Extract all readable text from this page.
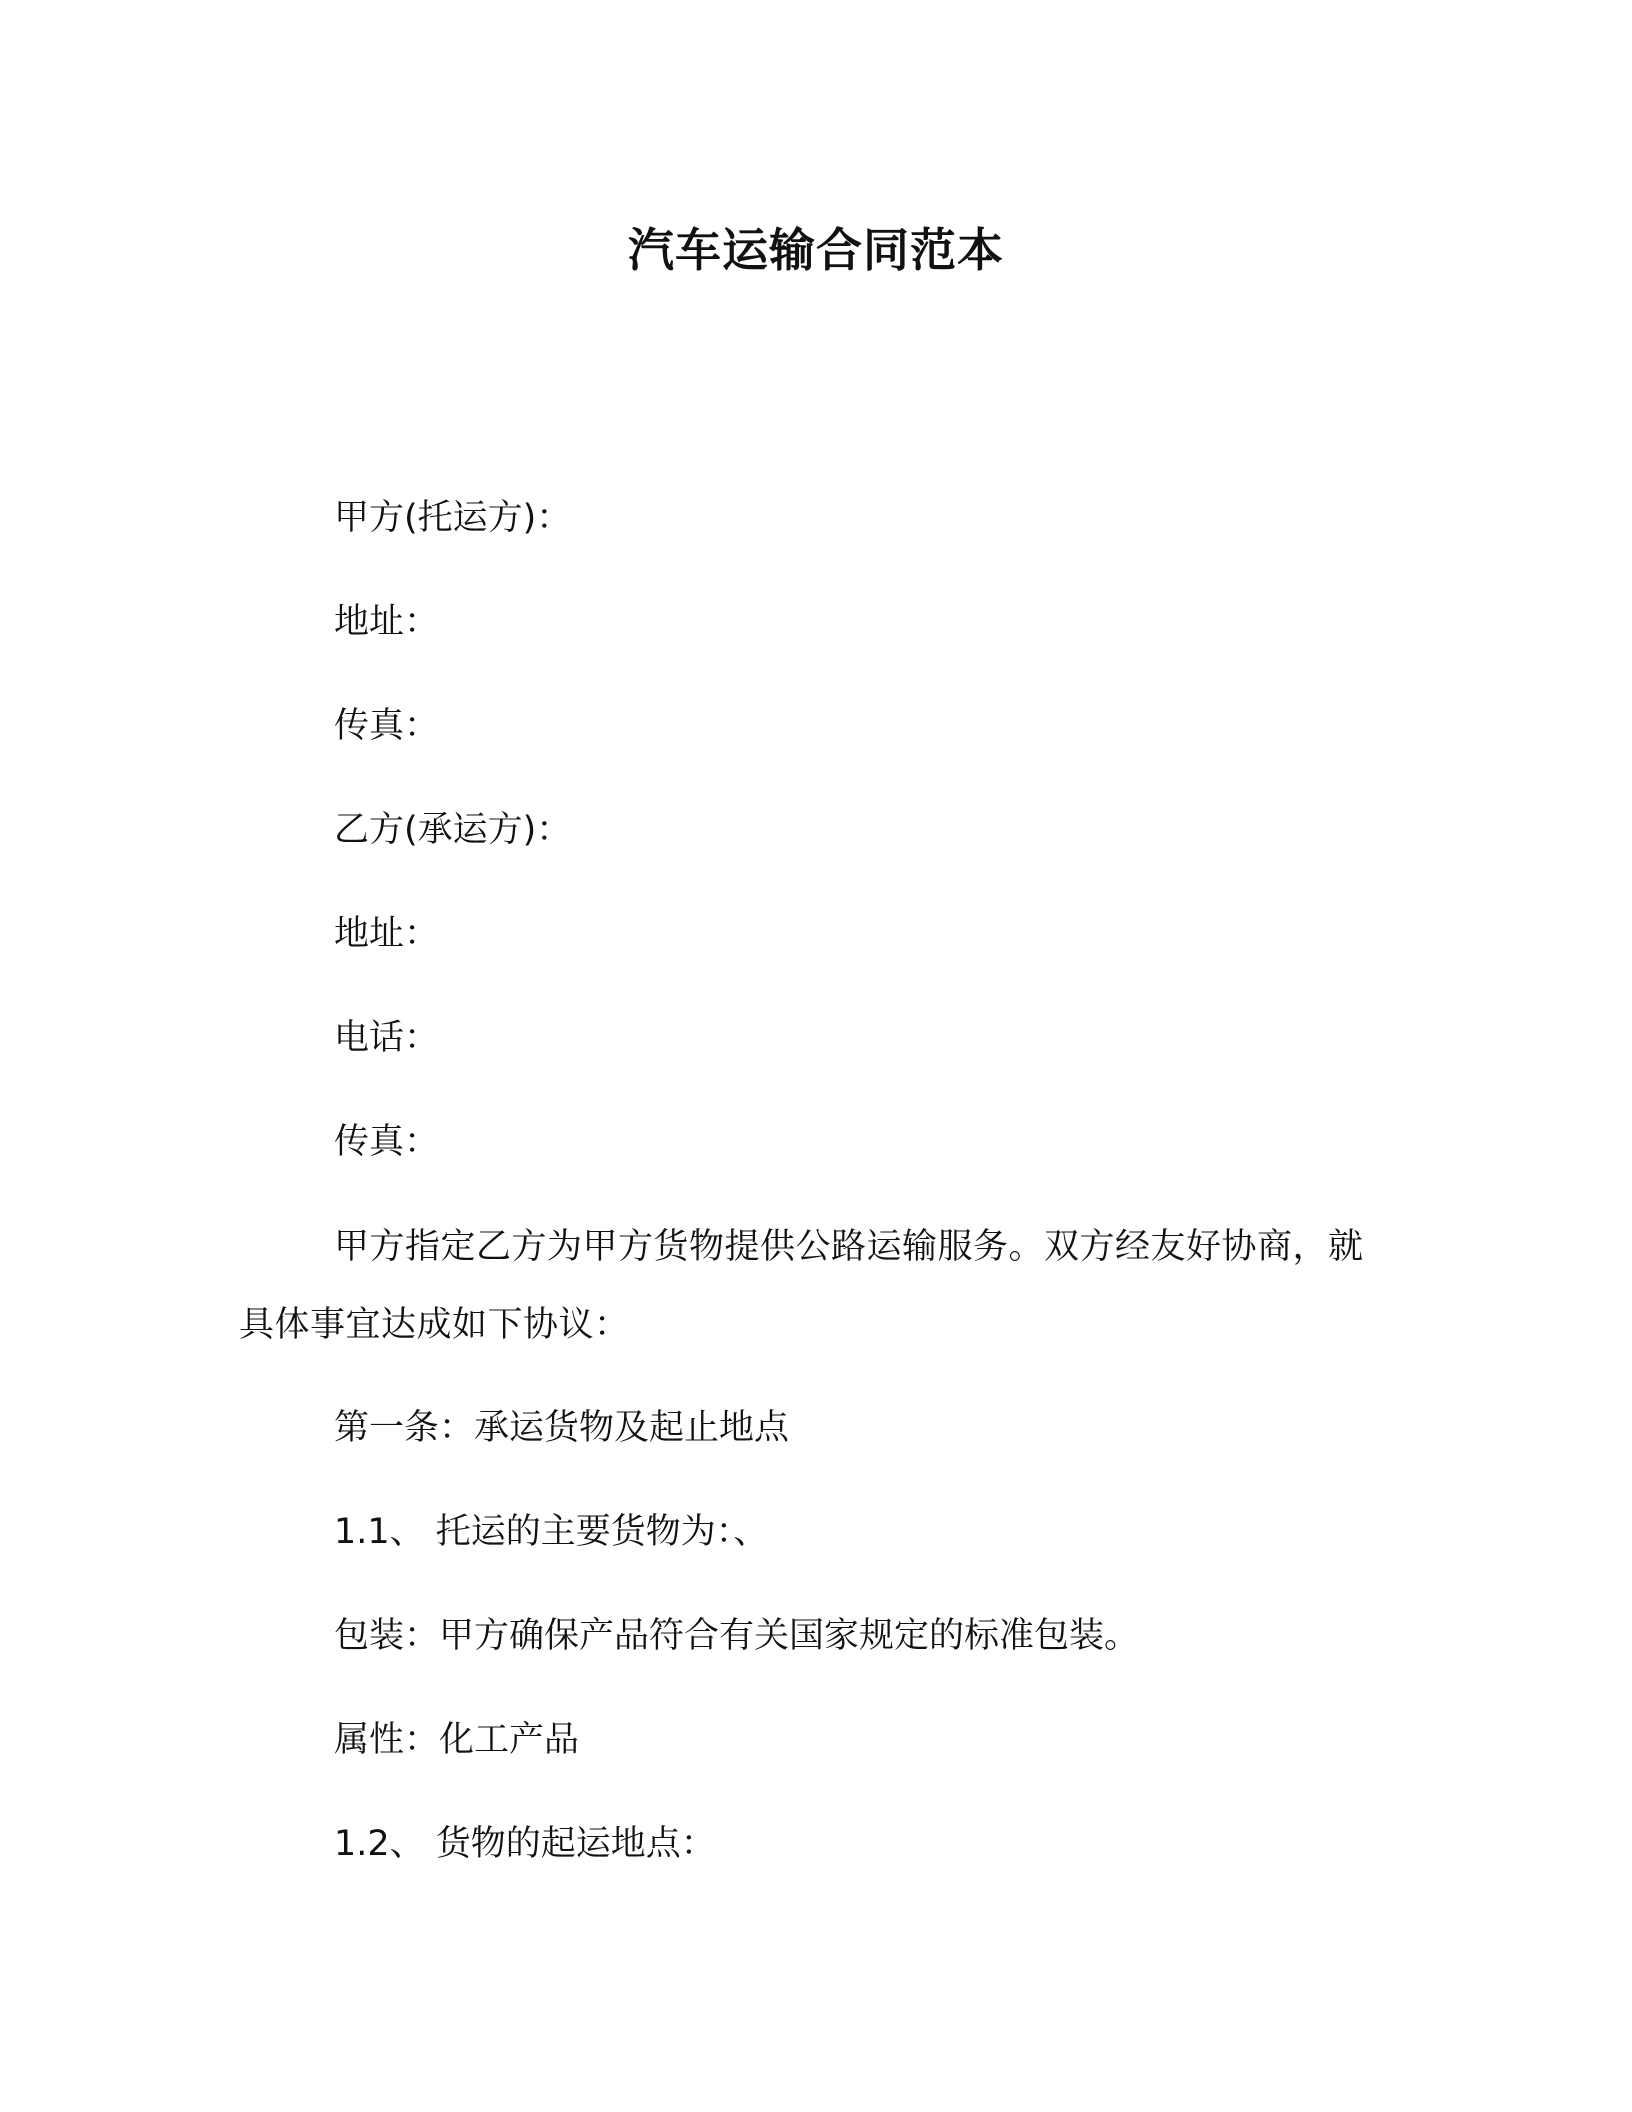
汽车运输合同范本
甲方(托运方)：
地址：
传真：
乙方(承运方)：
地址：
电话：
传真：
甲方指定乙方为甲方货物提供公路运输服务。双方经友好协商，就具体事宜达成如下协议：
第一条：承运货物及起止地点
1.1、 托运的主要货物为：、
包装：甲方确保产品符合有关国家规定的标准包装。
属性：化工产品
1.2、 货物的起运地点：
